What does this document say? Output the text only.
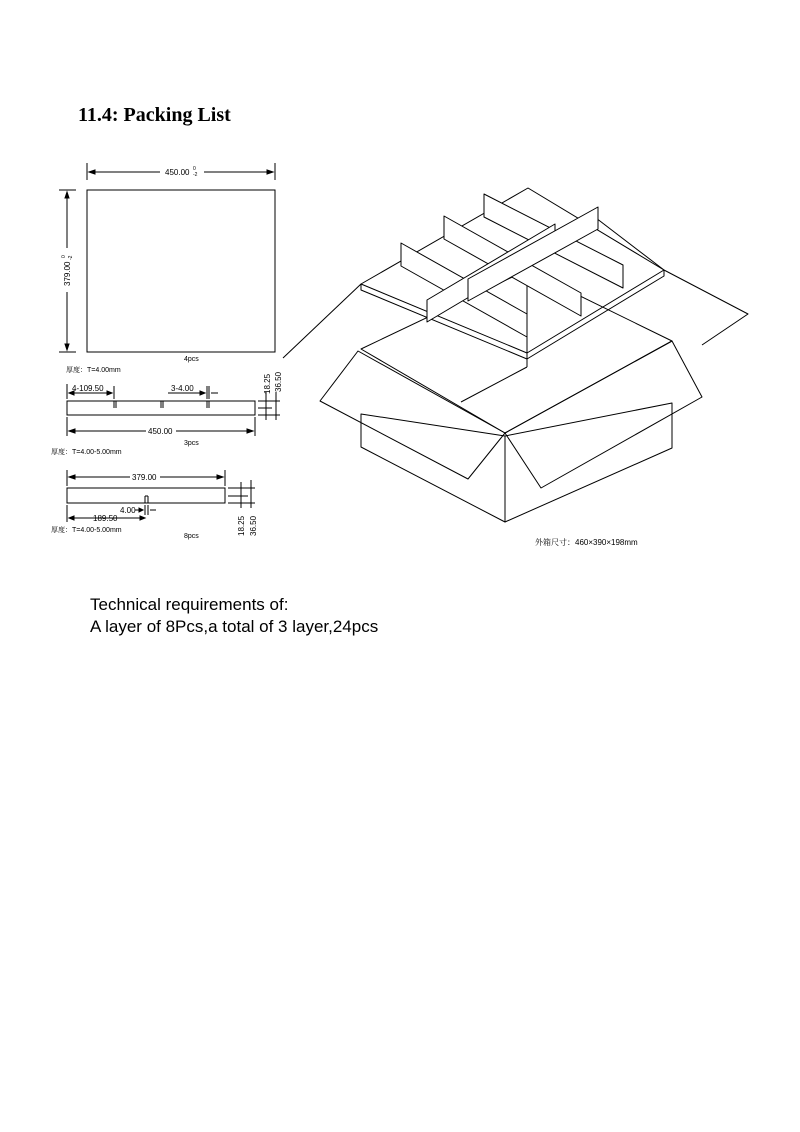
11.4: Packing List
450.00 0
-2
379.00
0 -2
4pcs
厚度：T=4.00mm
4-109.50	3-4.00
450.00
3pcs
厚度：T=4.00-5.00mm
18.25 36.50
379.00
4.00
189.50
厚度：T=4.00-5.00mm
8pcs
18.25 36.50
外箱尺寸：460×390×198mm
Technical requirements of:
A layer of 8Pcs,a total of 3 layer,24pcs
